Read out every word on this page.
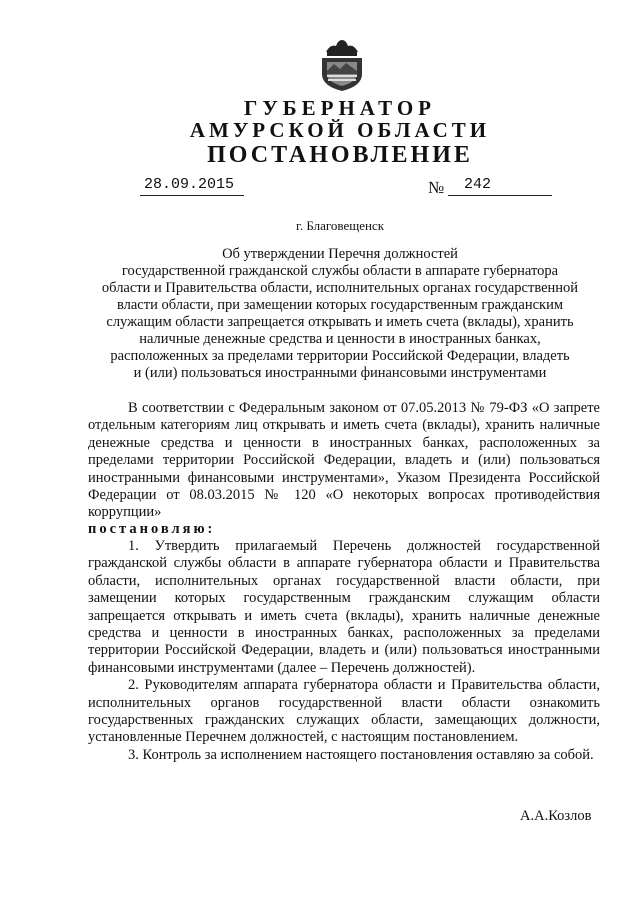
ГУБЕРНАТОР
АМУРСКОЙ ОБЛАСТИ
ПОСТАНОВЛЕНИЕ
28.09.2015	№	242
г. Благовещенск
Об утверждении Перечня должностей
государственной гражданской службы области в аппарате губернатора
области и Правительства области, исполнительных органах государственной
власти области, при замещении которых государственным гражданским
служащим области запрещается открывать и иметь счета (вклады), хранить
наличные денежные средства и ценности в иностранных банках,
расположенных за пределами территории Российской Федерации, владеть
и (или) пользоваться иностранными финансовыми инструментами

В соответствии с Федеральным законом от 07.05.2013 № 79-ФЗ «О запрете отдельным категориям лиц открывать и иметь счета (вклады), хранить наличные денежные средства и ценности в иностранных банках, расположенных за пределами территории Российской Федерации, владеть и (или) пользоваться иностранными финансовыми инструментами», Указом Президента Российской Федерации от 08.03.2015 № 120 «О некоторых вопросах противодействия коррупции»

постановляю:

1. Утвердить прилагаемый Перечень должностей государственной гражданской службы области в аппарате губернатора области и Правительства области, исполнительных органах государственной власти области, при замещении которых государственным гражданским служащим области запрещается открывать и иметь счета (вклады), хранить наличные денежные средства и ценности в иностранных банках, расположенных за пределами территории Российской Федерации, владеть и (или) пользоваться иностранными финансовыми инструментами (далее – Перечень должностей).

2. Руководителям аппарата губернатора области и Правительства области, исполнительных органов государственной власти области ознакомить государственных гражданских служащих области, замещающих должности, установленные Перечнем должностей, с настоящим постановлением.

3. Контроль за исполнением настоящего постановления оставляю за собой.

А.А.Козлов
